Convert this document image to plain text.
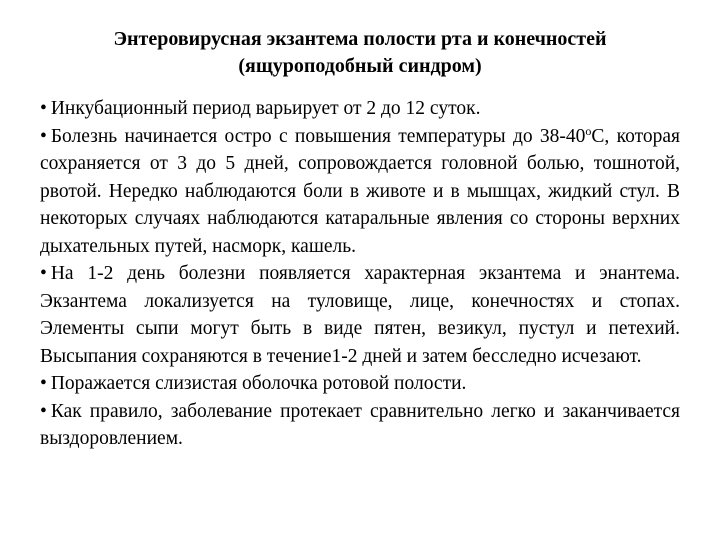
Энтеровирусная экзантема полости рта и конечностей
(ящуроподобный синдром)

• Инкубационный период варьирует от 2 до 12 суток.

• Болезнь начинается остро с повышения температуры до $38-40^оС$, которая сохраняется от 3 до 5 дней, сопровождается головной болью, тошнотой, рвотой. Нередко наблюдаются боли в животе и в мышцах, жидкий стул. В некоторых случаях наблюдаются катаральные явления со стороны верхних дыхательных путей, насморк, кашель.

• На 1-2 день болезни появляется характерная экзантема и энантема. Экзантема локализуется на туловище, лице, конечностях и стопах. Элементы сыпи могут быть в виде пятен, везикул, пустул и петехий. Высыпания сохраняются в течение1-2 дней и затем бесследно исчезают.

• Поражается слизистая оболочка ротовой полости.

• Как правило, заболевание протекает сравнительно легко и заканчивается выздоровлением.
